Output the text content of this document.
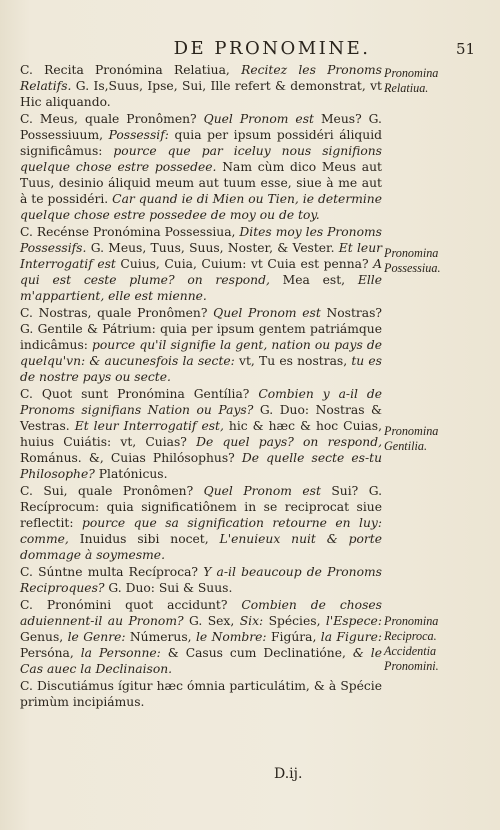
DE PRONOMINE.	51

C. Recita Pronómina Relatiua, Recitez les Pronoms Relatifs. G. Is,Suus, Ipse, Sui, Ille refert & demonstrat, vt Hic aliquando.

C. Meus, quale Pronômen? Quel Pronom est Meus? G. Possessiuum, Possessif: quia per ipsum possidéri áliquid significâmus: pource que par iceluy nous signifions quelque chose estre possedee. Nam cùm dico Meus aut Tuus, desinio áliquid meum aut tuum esse, siue à me aut à te possidéri. Car quand ie di Mien ou Tien, ie determine quelque chose estre possedee de moy ou de toy.

C. Recénse Pronómina Possessiua, Dites moy les Pronoms Possessifs. G. Meus, Tuus, Suus, Noster, & Vester. Et leur Interrogatif est Cuius, Cuia, Cuium: vt Cuia est penna? A qui est ceste plume? on respond, Mea est, Elle m'appartient, elle est mienne.

C. Nostras, quale Pronômen? Quel Pronom est Nostras? G. Gentile & Pátrium: quia per ipsum gentem patriámque indicâmus: pource qu'il signifie la gent, nation ou pays de quelqu'vn: & aucunesfois la secte: vt, Tu es nostras, tu es de nostre pays ou secte.

C. Quot sunt Pronómina Gentília? Combien y a-il de Pronoms signifians Nation ou Pays? G. Duo: Nostras & Vestras. Et leur Interrogatif est, hic & hæc & hoc Cuias, huius Cuiátis: vt, Cuias? De quel pays? on respond, Románus. &, Cuias Philósophus? De quelle secte es-tu Philosophe? Platónicus.

C. Sui, quale Pronômen? Quel Pronom est Sui? G. Recíprocum: quia significatiônem in se reciprocat siue reflectit: pource que sa signification retourne en luy: comme, Inuidus sibi nocet, L'enuieux nuit & porte dommage à soymesme.

C. Súntne multa Recíproca? Y a-il beaucoup de Pronoms Reciproques? G. Duo: Sui & Suus.

C. Pronómini quot accidunt? Combien de choses aduiennent-il au Pronom? G. Sex, Six: Spécies, l'Espece: Genus, le Genre: Númerus, le Nombre: Figúra, la Figure: Persóna, la Personne: & Casus cum Declinatióne, & le Cas auec la Declinaison.

C. Discutiámus ígitur hæc ómnia particulátim, & à Spécie primùm incipiámus.

Pronomina
Relatiua.
Pronomina
Possessiua.
Pronomina
Gentilia.
Pronomina
Reciproca.
Accidentia
Pronomini.
D.ij.
